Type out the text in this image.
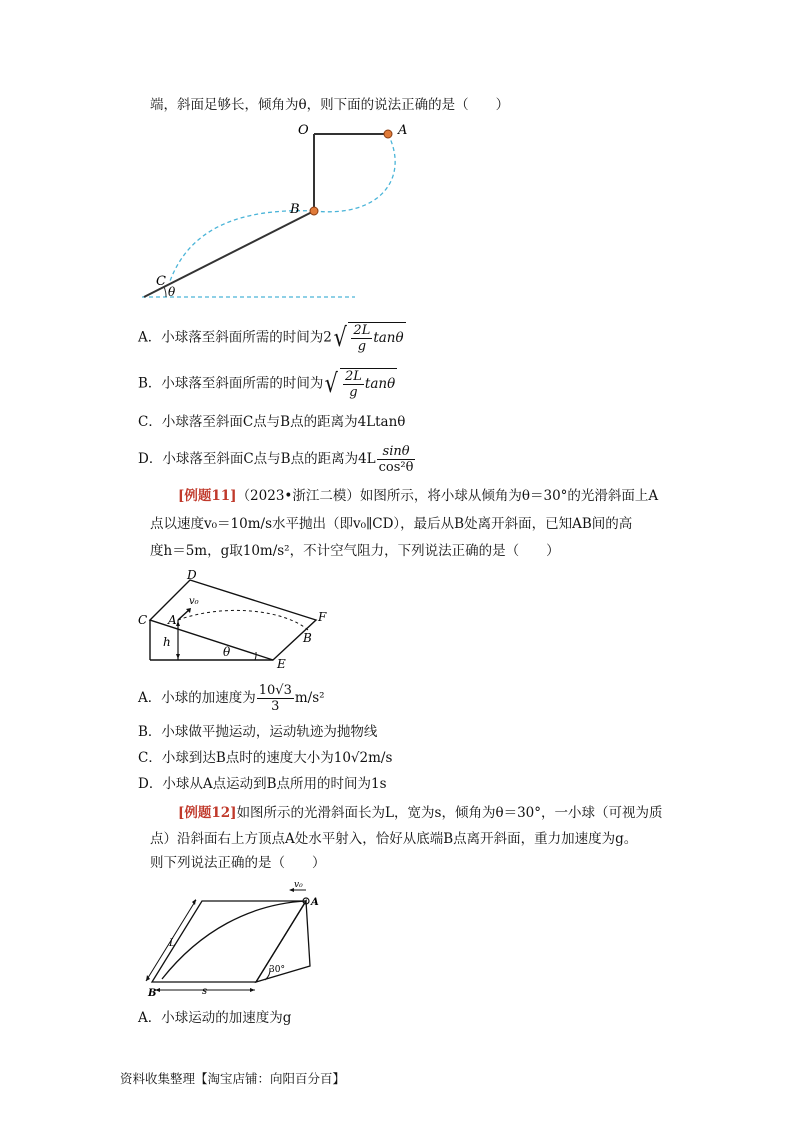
端，斜面足够长，倾角为θ，则下面的说法正确的是（　　）
O	A
B
C
θ
A．小球落至斜面所需的时间为$2√ \frac{2L}{g}$ tanθ
B．小球落至斜面所需的时间为√ $\frac{2L}{g}$ tanθ
C．小球落至斜面C点与B点的距离为4Ltanθ
D．小球落至斜面C点与B点的距离为$4L \frac{\sin\theta}{\text{cos²θ}}$
[例题11]（2023•浙江二模）如图所示，将小球从倾角为θ＝30°的光滑斜面上A
点以速度v₀＝10m/s水平抛出（即v₀∥CD），最后从B处离开斜面，已知AB间的高
度h＝5m，g取10m/s²，不计空气阻力，下列说法正确的是（　　）
D
C A
v₀
F
B
h
θ
E
A．小球的加速度为 $\frac{10√3}{3} m/s^2$
B．小球做平抛运动，运动轨迹为抛物线
C．小球到达B点时的速度大小为10√2m/s
D．小球从A点运动到B点所用的时间为1s
[例题12]如图所示的光滑斜面长为L，宽为s，倾角为θ＝30°，一小球（可视为质
点）沿斜面右上方顶点A处水平射入，恰好从底端B点离开斜面，重力加速度为g。
则下列说法正确的是（　　）
v₀
A
L
30°
B	s
A．小球运动的加速度为g
资料收集整理【淘宝店铺：向阳百分百】
